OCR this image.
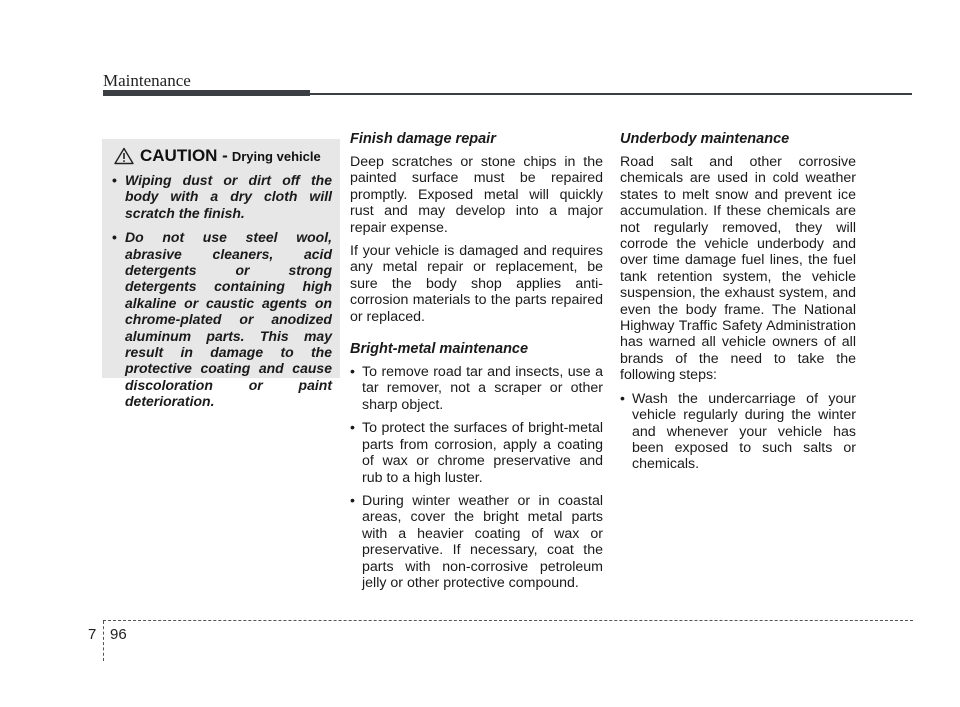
Maintenance
CAUTION - Drying vehicle
• Wiping dust or dirt off the body with a dry cloth will scratch the finish.
• Do not use steel wool, abrasive cleaners, acid detergents or strong detergents containing high alkaline or caustic agents on chrome-plated or anodized aluminum parts. This may result in damage to the protective coating and cause discoloration or paint deterioration.
Finish damage repair

Deep scratches or stone chips in the painted surface must be repaired promptly. Exposed metal will quickly rust and may develop into a major repair expense.

If your vehicle is damaged and requires any metal repair or replacement, be sure the body shop applies anti-corrosion materials to the parts repaired or replaced.

Bright-metal maintenance
• To remove road tar and insects, use a tar remover, not a scraper or other sharp object.
• To protect the surfaces of bright-metal parts from corrosion, apply a coating of wax or chrome preservative and rub to a high luster.
• During winter weather or in coastal areas, cover the bright metal parts with a heavier coating of wax or preservative. If necessary, coat the parts with non-corrosive petroleum jelly or other protective compound.
Underbody maintenance

Road salt and other corrosive chemicals are used in cold weather states to melt snow and prevent ice accumulation. If these chemicals are not regularly removed, they will corrode the vehicle underbody and over time damage fuel lines, the fuel tank retention system, the vehicle suspension, the exhaust system, and even the body frame. The National Highway Traffic Safety Administration has warned all vehicle owners of all brands of the need to take the following steps:

• Wash the undercarriage of your vehicle regularly during the winter and whenever your vehicle has been exposed to such salts or chemicals.
7 96
